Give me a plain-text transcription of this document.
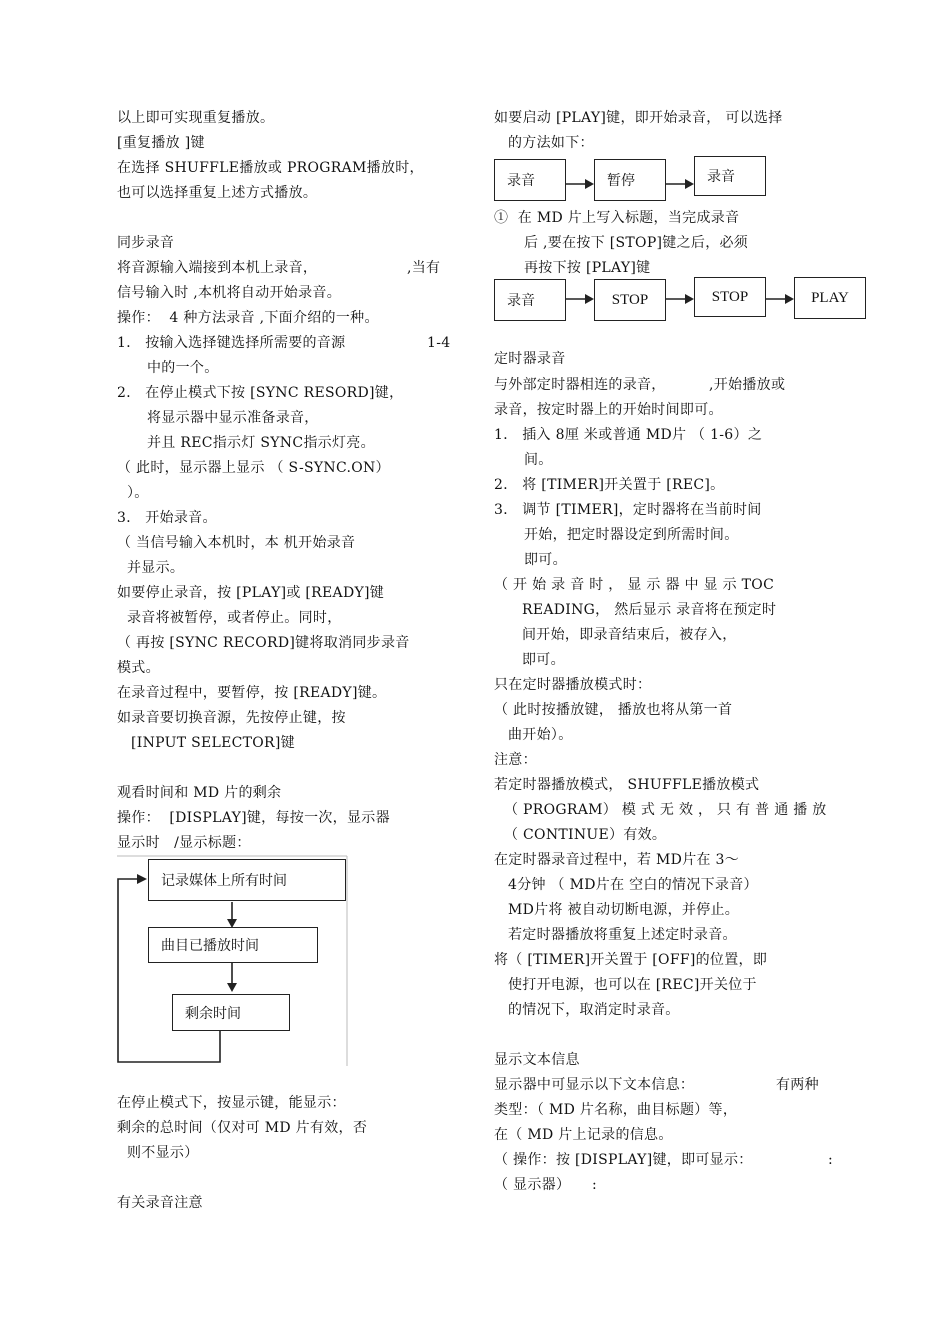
以上即可实现重复播放。
[重复播放 ]键
在选择 SHUFFLE播放或 PROGRAM播放时，
也可以选择重复上述方式播放。
同步录音
将音源输入端接到本机上录音，	,当有
信号输入时 ,本机将自动开始录音。
操作：  4 种方法录音 ,下面介绍的一种。
1． 按输入选择键选择所需要的音源	1-4
中的一个。
2． 在停止模式下按 [SYNC RESORD]键，
将显示器中显示准备录音，
并且 REC指示灯 SYNC指示灯亮。
（ 此时，显示器上显示 （ S-SYNC.ON）
）。
3． 开始录音。
（ 当信号输入本机时，本 机开始录音
并显示。
如要停止录音，按 [PLAY]或 [READY]键
录音将被暂停，或者停止。同时，
（ 再按 [SYNC RECORD]键将取消同步录音
模式。
在录音过程中，要暂停，按 [READY]键。
如录音要切换音源，先按停止键，按
[INPUT SELECTOR]键
观看时间和 MD 片的剩余
操作：  [DISPLAY]键，每按一次，显示器
显示时   /显示标题：
记录媒体上所有时间
曲目已播放时间
剩余时间
在停止模式下，按显示键，能显示：
剩余的总时间（仅对可 MD 片有效，否
则不显示）
有关录音注意
如要启动 [PLAY]键，即开始录音， 可以选择
的方法如下：
录音	暂停	录音
①  在 MD 片上写入标题，当完成录音
后 ,要在按下 [STOP]键之后，必须
再按下按 [PLAY]键
录音	STOP	STOP	PLAY
定时器录音
与外部定时器相连的录音，	,开始播放或
录音，按定时器上的开始时间即可。
1． 插入 8厘 米或普通 MD片 （ 1-6）之
间。
2． 将 [TIMER]开关置于 [REC]。
3． 调节 [TIMER]，定时器将在当前时间
开始，把定时器设定到所需时间。
即可。
（ 开 始 录 音 时 ， 显 示 器 中 显 示 TOC
READING， 然后显示 录音将在预定时
间开始，即录音结束后，被存入，
即可。
只在定时器播放模式时：
（ 此时按播放键， 播放也将从第一首
曲开始）。
注意：
若定时器播放模式， SHUFFLE播放模式
（ PROGRAM） 模 式 无 效 ， 只 有 普 通 播 放
（ CONTINUE）有效。
在定时器录音过程中，若 MD片在 3～
4分钟 （ MD片在 空白的情况下录音）
MD片将 被自动切断电源，并停止。
若定时器播放将重复上述定时录音。
将（ [TIMER]开关置于 [OFF]的位置，即
使打开电源，也可以在 [REC]开关位于
的情况下，取消定时录音。
显示文本信息
显示器中可显示以下文本信息：	有两种
类型：（ MD 片名称，曲目标题）等，
在（ MD 片上记录的信息。
（ 操作：按 [DISPLAY]键，即可显示：	:
（ 显示器） :
